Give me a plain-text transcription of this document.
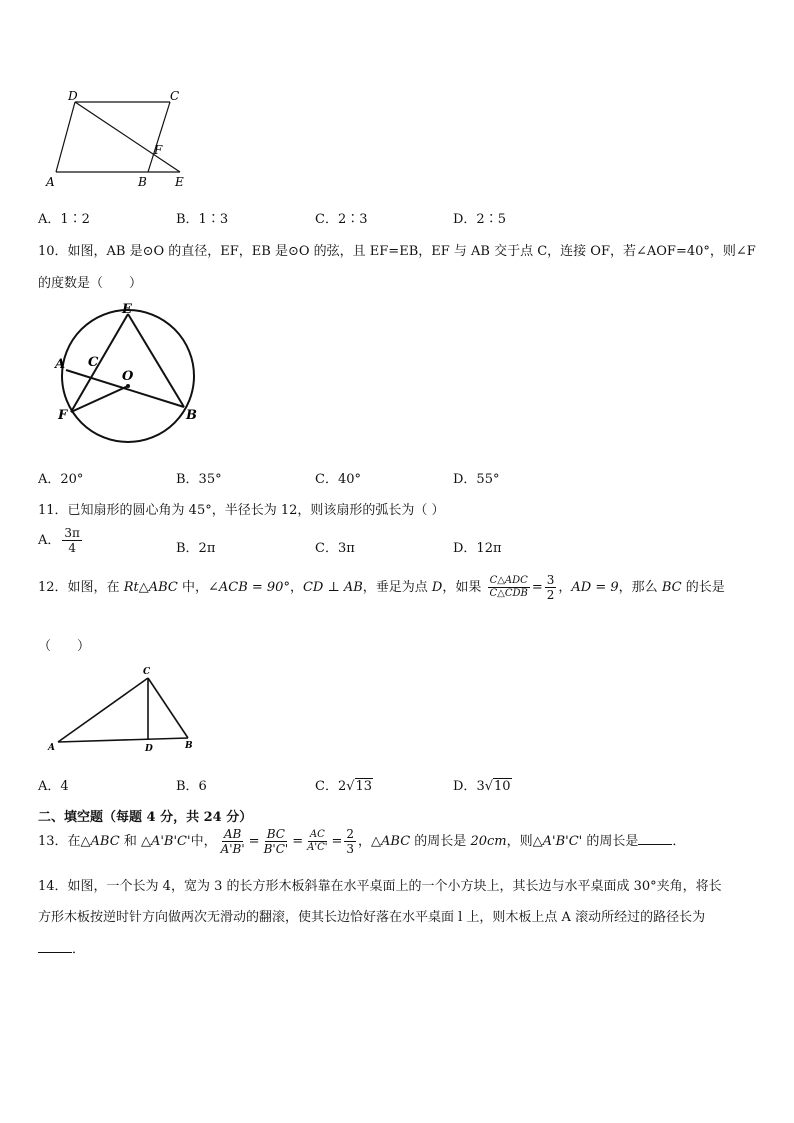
D	C
A	B E
F
A．1∶2	B．1∶3	C．2∶3	D．2∶5
10．如图，AB 是⊙O 的直径，EF，EB 是⊙O 的弦，且 EF=EB，EF 与 AB 交于点 C，连接 OF，若∠AOF=40°，则∠F
的度数是（　　）
E
A C
O
F	B
A．20°	B．35°	C．40°	D．55°
11．已知扇形的圆心角为 45°，半径长为 12，则该扇形的弧长为（ ）
A． $\frac{3\pi}{4}$	B．2π	C．3π	D．12π
12．如图，在 Rt△ABC 中，∠ACB = 90°，CD ⊥ AB，垂足为点 D，如果 $\frac{\text{C△ADC}}{\text{C△CDB}} = \frac{3}{2}$ ，AD = 9，那么 BC 的长是
（　　）
C
A	D	B
A．4	B．6	C．2√13	D．3√10
二、填空题（每题 4 分，共 24 分）
13．在△ABC 和 △A'B'C'中， $\frac{AB}{A'B'} = \frac{BC}{B'C'} = \frac{AC}{A'C'} = \frac{2}{3}$ ，△ABC 的周长是 20cm，则△A'B'C' 的周长是	．
14．如图，一个长为 4，宽为 3 的长方形木板斜靠在水平桌面上的一个小方块上，其长边与水平桌面成 30°夹角，将长
方形木板按逆时针方向做两次无滑动的翻滚，使其长边恰好落在水平桌面 l 上，则木板上点 A 滚动所经过的路径长为
．
